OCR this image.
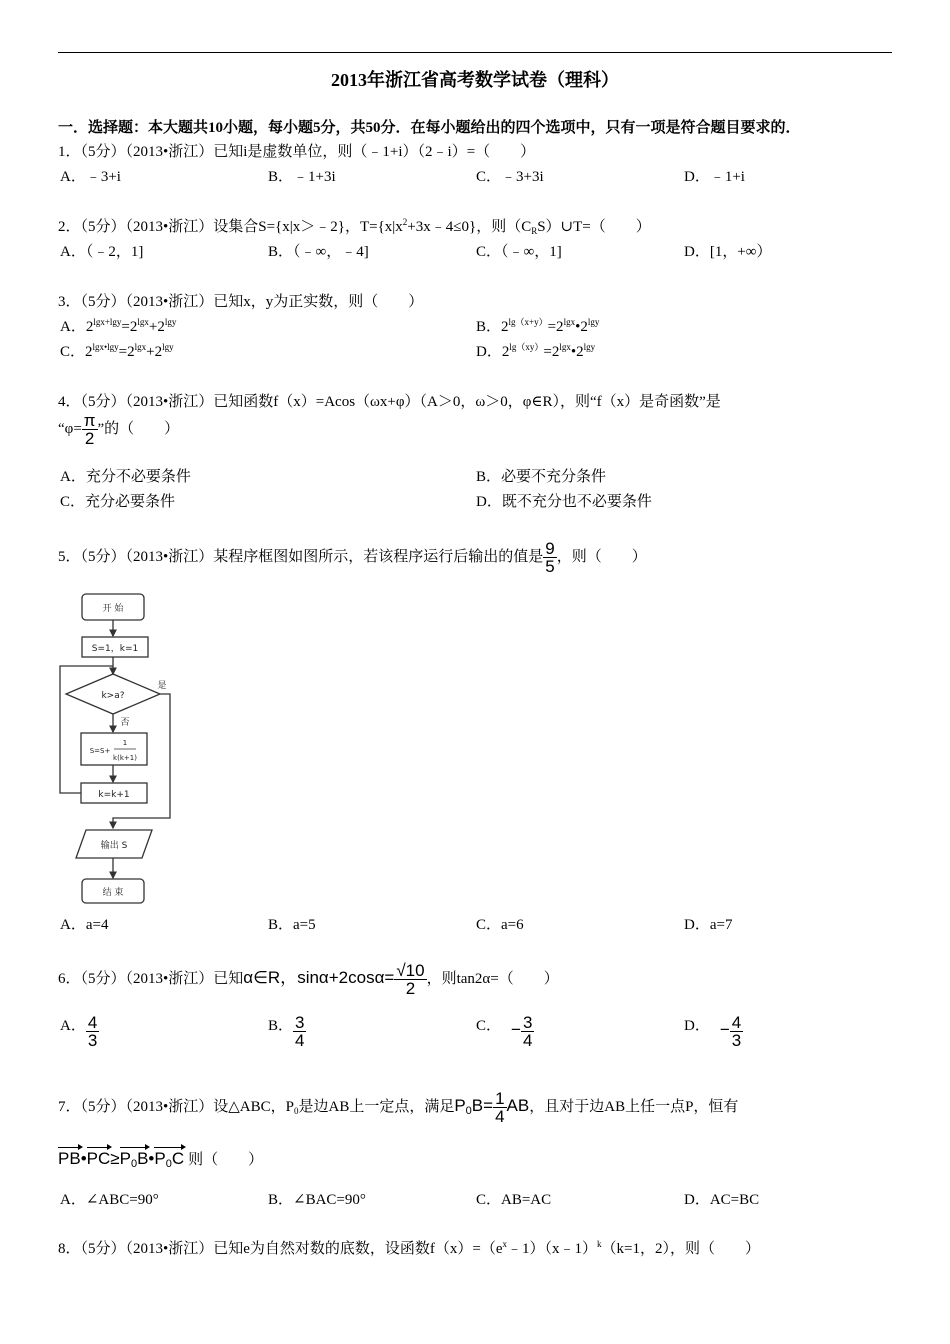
2013年浙江省高考数学试卷（理科）
一．选择题：本大题共10小题，每小题5分，共50分．在每小题给出的四个选项中，只有一项是符合题目要求的．
1．（5分）（2013•浙江）已知i是虚数单位，则（﹣1+i）（2﹣i）=（　　）
A．﹣3+i	B．﹣1+3i	C．﹣3+3i	D．﹣1+i
2．（5分）（2013•浙江）设集合S={x|x＞﹣2}，$T=\{x|x^2+3x﹣4\le 0\}$，则$(C_RS)\cup T=$（　　）
A．（﹣2，1]	B．（﹣∞，﹣4]	C．（﹣∞，1]	D．[1，+∞）
3．（5分）（2013•浙江）已知x，y为正实数，则（　　）
A．$2^{lgx+lgy}=2^{lgx}+2^{lgy}$	B．$2^{lg(x+y)}=2^{lgx}•2^{lgy}$
C．$2^{lgx•lgy}=2^{lgx}+2^{lgy}$	D．$2^{lg(xy)}=2^{lgx}•2^{lgy}$
4．（5分）（2013•浙江）已知函数f（x）=Acos（ωx+φ）（A＞0，ω＞0，φ∈R），则“f（x）是奇函数”是
“$\varphi= \frac{\pi}{2}$ ”的（　　）
A．充分不必要条件	B．必要不充分条件
C．充分必要条件	D．既不充分也不必要条件
5．（5分）（2013•浙江）某程序框图如图所示，若该程序运行后输出的值是 $\frac{9}{5}$ ，则（　　）
开 始
S=1，k=1
k>a?
是
否
S=S+
1
k(k+1)
k=k+1
输出 S
结 束
A．a=4	B．a=5	C．a=6	D．a=7
6．（5分）（2013•浙江）已知α∈R，$\sin\alpha+2\cos\alpha= \frac{√10}{2}$ ，则tan2α=（　　）
A． $\frac{4}{3}$	B． $\frac{3}{4}$	C． − $\frac{3}{4}$	D． − $\frac{4}{3}$
7．（5分）（2013•浙江）设△ABC，$P_0$是边AB上一定点，满足$P_0B= \frac{1}{4}$ AB，且对于边AB上任一点P，恒有
$PB•PC\ge P_0B•P_0C$ 则（　　）
A．∠ABC=90°	B．∠BAC=90°	C．AB=AC	D．AC=BC
8．（5分）（2013•浙江）已知e为自然对数的底数，设函数$f(x)=(e^x﹣1)(x﹣1)^k(k=1$，2），则（　　）
